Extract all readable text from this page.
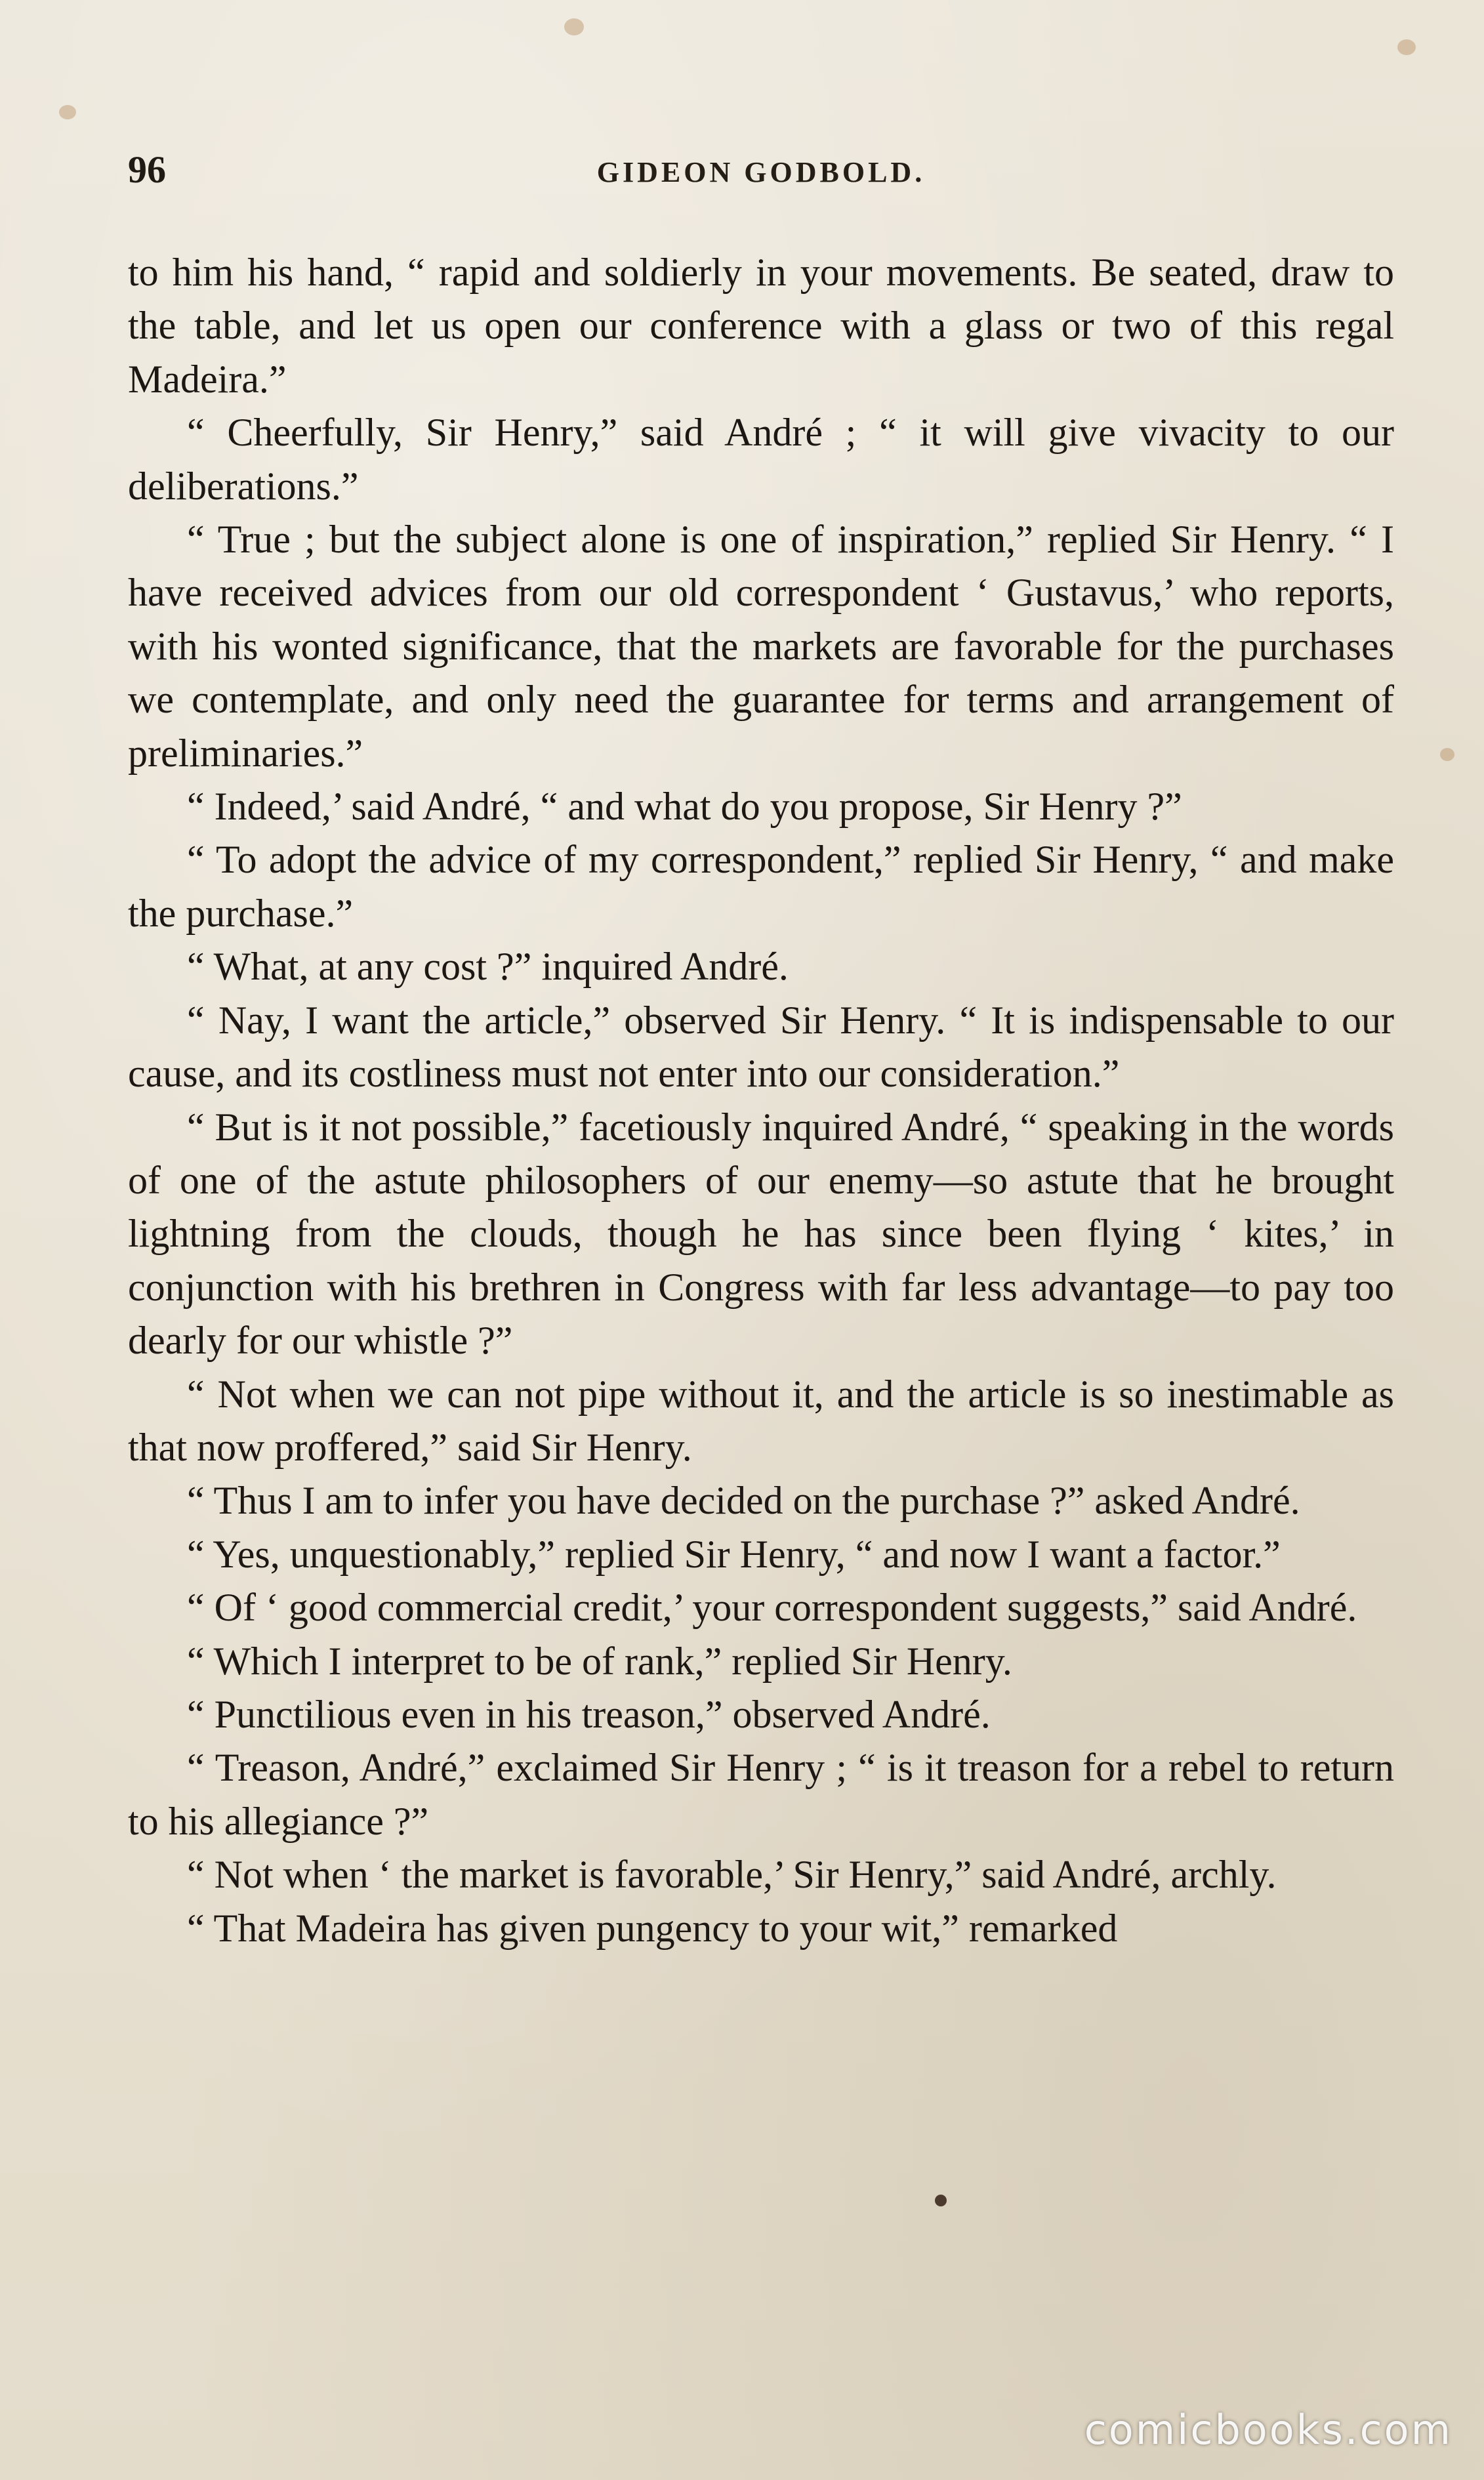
96	GIDEON GODBOLD.

to him his hand, “ rapid and soldierly in your movements. Be seated, draw to the table, and let us open our conference with a glass or two of this regal Madeira.”

“ Cheerfully, Sir Henry,” said André ; “ it will give vivacity to our deliberations.”

“ True ; but the subject alone is one of inspiration,” replied Sir Henry. “ I have received advices from our old correspondent ‘ Gustavus,’ who reports, with his wonted significance, that the markets are favorable for the purchases we contemplate, and only need the guarantee for terms and arrangement of preliminaries.”

“ Indeed,’ said André, “ and what do you propose, Sir Henry ?”

“ To adopt the advice of my correspondent,” replied Sir Henry, “ and make the purchase.”

“ What, at any cost ?” inquired André.

“ Nay, I want the article,” observed Sir Henry. “ It is indispensable to our cause, and its costliness must not enter into our consideration.”

“ But is it not possible,” facetiously inquired André, “ speaking in the words of one of the astute philosophers of our enemy—so astute that he brought lightning from the clouds, though he has since been flying ‘ kites,’ in conjunction with his brethren in Congress with far less advantage—to pay too dearly for our whistle ?”

“ Not when we can not pipe without it, and the article is so inestimable as that now proffered,” said Sir Henry.

“ Thus I am to infer you have decided on the purchase ?” asked André.

“ Yes, unquestionably,” replied Sir Henry, “ and now I want a factor.”

“ Of ‘ good commercial credit,’ your correspondent suggests,” said André.

“ Which I interpret to be of rank,” replied Sir Henry.

“ Punctilious even in his treason,” observed André.

“ Treason, André,” exclaimed Sir Henry ; “ is it treason for a rebel to return to his allegiance ?”

“ Not when ‘ the market is favorable,’ Sir Henry,” said André, archly.

“ That Madeira has given pungency to your wit,” remarked

comicbooks.com
